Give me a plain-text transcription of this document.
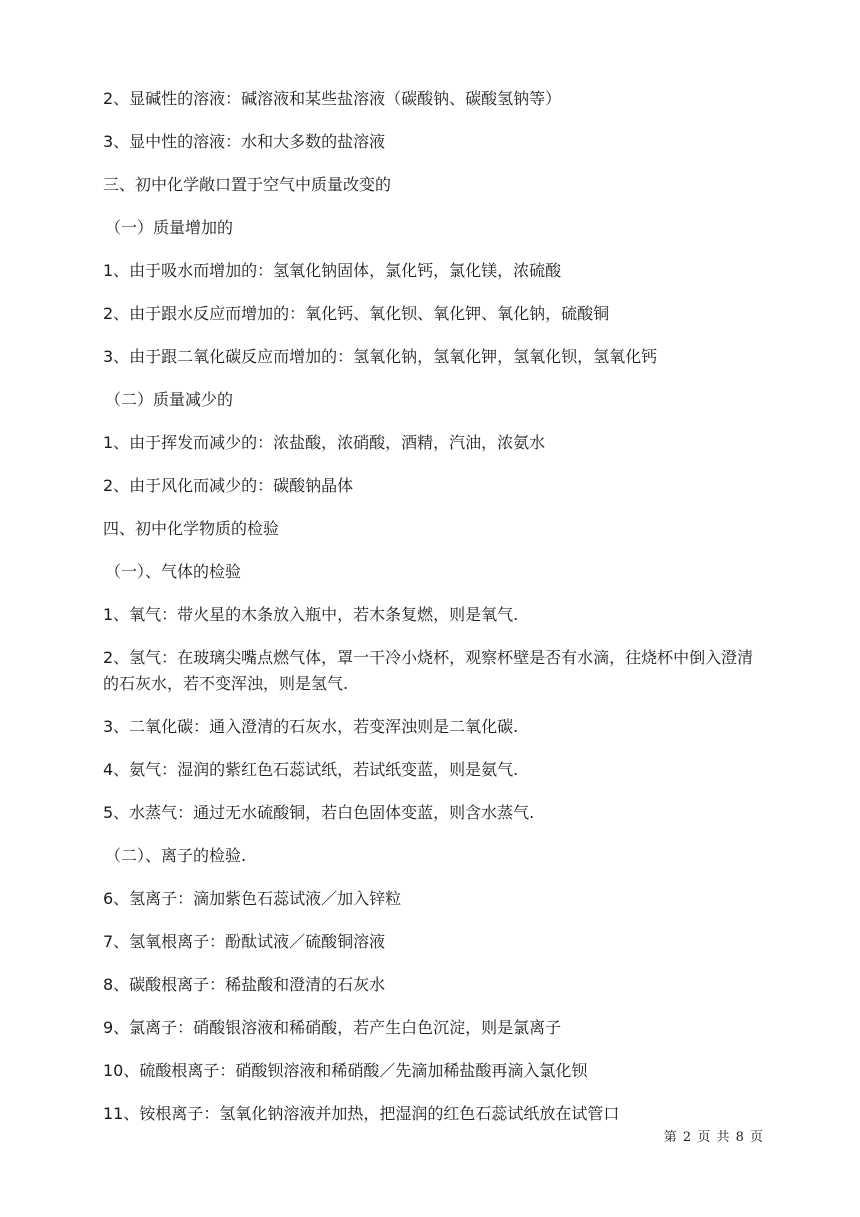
2、显碱性的溶液：碱溶液和某些盐溶液（碳酸钠、碳酸氢钠等）
3、显中性的溶液：水和大多数的盐溶液
三、初中化学敞口置于空气中质量改变的
（一）质量增加的
1、由于吸水而增加的：氢氧化钠固体，氯化钙，氯化镁，浓硫酸
2、由于跟水反应而增加的：氧化钙、氧化钡、氧化钾、氧化钠，硫酸铜
3、由于跟二氧化碳反应而增加的：氢氧化钠，氢氧化钾，氢氧化钡，氢氧化钙
（二）质量减少的
1、由于挥发而减少的：浓盐酸，浓硝酸，酒精，汽油，浓氨水
2、由于风化而减少的：碳酸钠晶体
四、初中化学物质的检验
（一）、气体的检验
1、氧气：带火星的木条放入瓶中，若木条复燃，则是氧气.
2、氢气：在玻璃尖嘴点燃气体，罩一干冷小烧杯，观察杯壁是否有水滴，往烧杯中倒入澄清的石灰水，若不变浑浊，则是氢气.
3、二氧化碳：通入澄清的石灰水，若变浑浊则是二氧化碳.
4、氨气：湿润的紫红色石蕊试纸，若试纸变蓝，则是氨气.
5、水蒸气：通过无水硫酸铜，若白色固体变蓝，则含水蒸气.
（二）、离子的检验.
6、氢离子：滴加紫色石蕊试液／加入锌粒
7、氢氧根离子：酚酞试液／硫酸铜溶液
8、碳酸根离子：稀盐酸和澄清的石灰水
9、氯离子：硝酸银溶液和稀硝酸，若产生白色沉淀，则是氯离子
10、硫酸根离子：硝酸钡溶液和稀硝酸／先滴加稀盐酸再滴入氯化钡
11、铵根离子：氢氧化钠溶液并加热，把湿润的红色石蕊试纸放在试管口
第 2 页 共 8 页
